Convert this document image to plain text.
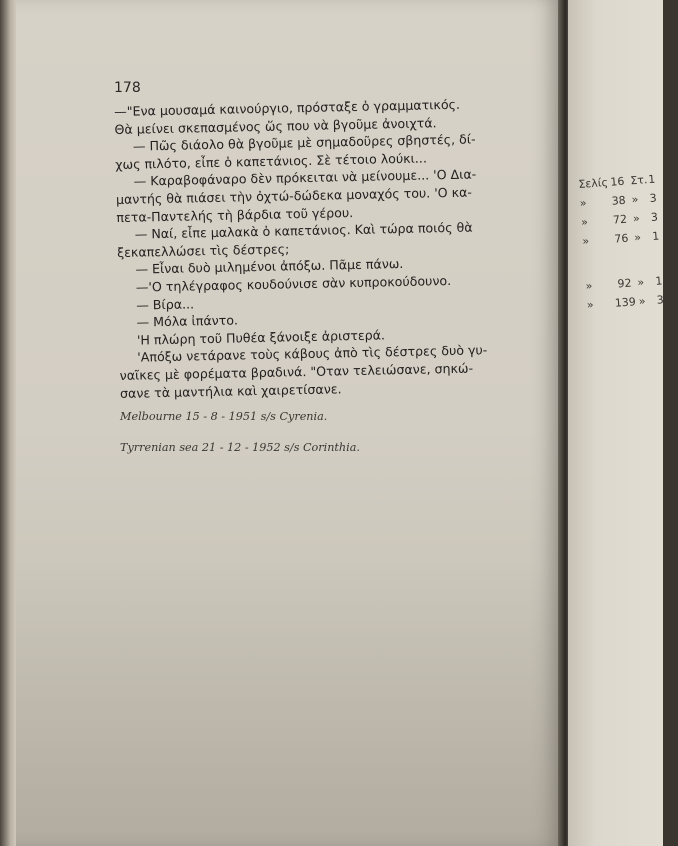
178

—"Ενα μουσαμά καινούργιο, πρόσταξε ὁ γραμματικός.

Θὰ μείνει σκεπασμένος ὥς που νὰ βγοῦμε ἀνοιχτά.

— Πῶς διάολο θὰ βγοῦμε μὲ σημαδοῦρες σβηστές, δί-

χως πιλότο, εἶπε ὁ καπετάνιος. Σὲ τέτοιο λούκι...

— Καραβοφάναρο δὲν πρόκειται νὰ μείνουμε... 'Ο Δια-

μαντής θὰ πιάσει τὴν ὀχτώ-δώδεκα μοναχός του. 'Ο κα-

πετα-Παντελής τὴ βάρδια τοῦ γέρου.

— Ναί, εἶπε μαλακὰ ὁ καπετάνιος. Καὶ τώρα ποιός θὰ

ξεκαπελλώσει τὶς δέστρες;

— Εἶναι δυὸ μιλημένοι ἀπόξω. Πᾶμε πάνω.

—'Ο τηλέγραφος κουδούνισε σὰν κυπροκούδουνο.

— Βίρα...

— Μόλα ἰπάντο.

'Η πλώρη τοῦ Πυθέα ξάνοιξε ἀριστερά.

'Απόξω νετάρανε τοὺς κάβους ἀπὸ τὶς δέστρες δυὸ γυ-

ναῖκες μὲ φορέματα βραδινά. "Οταν τελειώσανε, σηκώ-

σανε τὰ μαντήλια καὶ χαιρετίσανε.

Melbourne 15 - 8 - 1951 s/s Cyrenia.

Tyrrenian sea 21 - 12 - 1952 s/s Corinthia.

Σελίς 16 Στ. 1
»	38 » 3
»	72 » 3
»	76 » 1
»	92 » 1
» 139 » 3(
